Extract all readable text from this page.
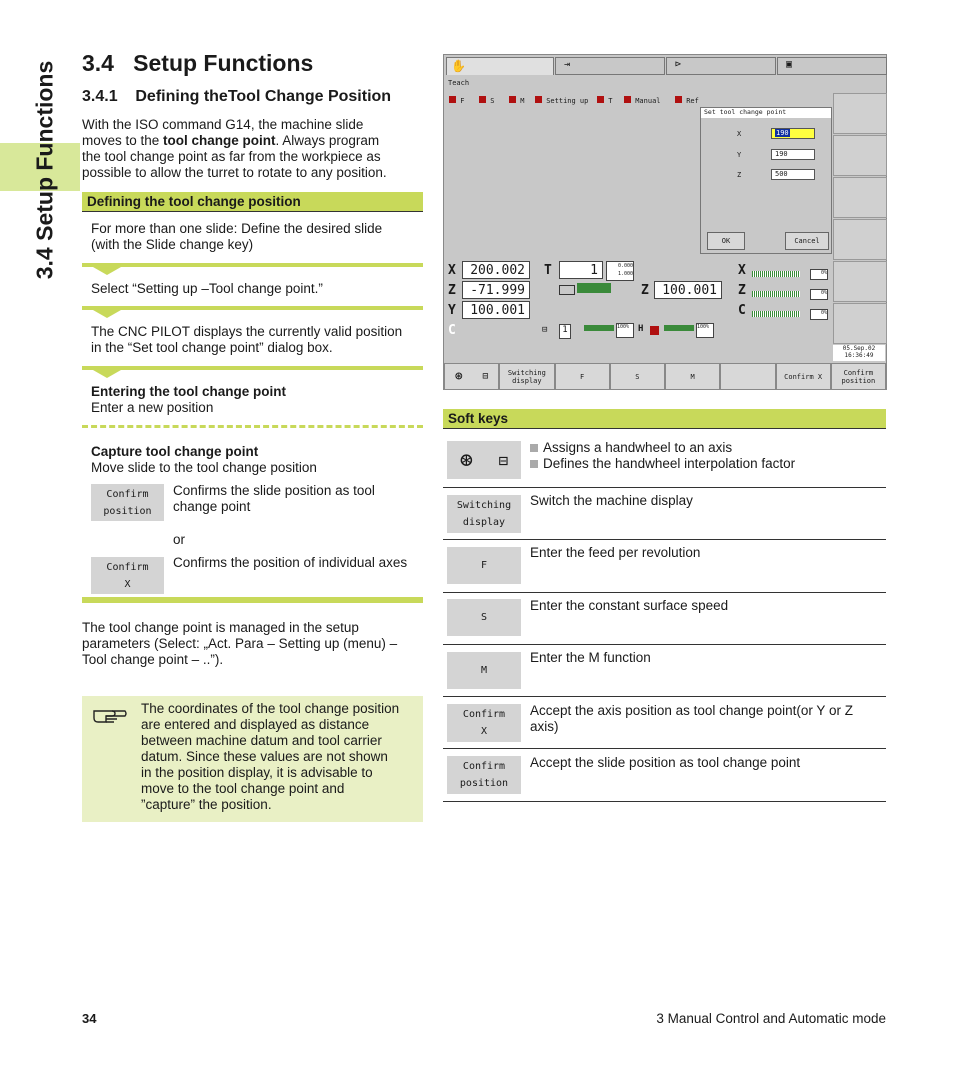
3.4 Setup Functions 3.4 Setup Functions
3.4.1 Defining theTool Change Position
With the ISO command G14, the machine slide
moves to the tool change point. Always program
the tool change point as far from the workpiece as
possible to allow the turret to rotate to any position.
Defining the tool change position
For more than one slide: Define the desired slide
(with the Slide change key)
Select “Setting up –Tool change point.”
The CNC PILOT displays the currently valid position
in the “Set tool change point” dialog box.
Entering the tool change point
Enter a new position
Capture tool change point
Move slide to the tool change position
Confirm
position
Confirms the slide position as tool
change point
or
Confirm
X
Confirms the position of individual axes
The tool change point is managed in the setup
parameters (Select: „Act. Para – Setting up (menu) –
Tool change point – ..”).
The coordinates of the tool change position
are entered and displayed as distance
between machine datum and tool carrier
datum. Since these values are not shown
in the position display, it is advisable to
move to the tool change point and
”capture” the position.
✋	⇥	⊳	▣
Teach
F	S	M	Setting up	T	Manual	Ref
Set tool change point
X	190
Y	190
Z	500
OK	Cancel
X	200.002
Z	-71.999
Y	100.001
C
T	1	0.000
1.000
Z	100.001
X	0%
Z	0%
C	0%
⊟	1	100% H	100%
05.Sep.02
16:36:49
⊛ ⊟	Switching display	F	S	M	Confirm X	Confirm position
Soft keys
⊛ ⊟
Assigns a handwheel to an axis
Defines the handwheel interpolation factor
Switching
display
Switch the machine display
F
Enter the feed per revolution
S
Enter the constant surface speed
M
Enter the M function
Confirm
X
Accept the axis position as tool change point(or Y or Z
axis)
Confirm
position
Accept the slide position as tool change point
34	3 Manual Control and Automatic mode
